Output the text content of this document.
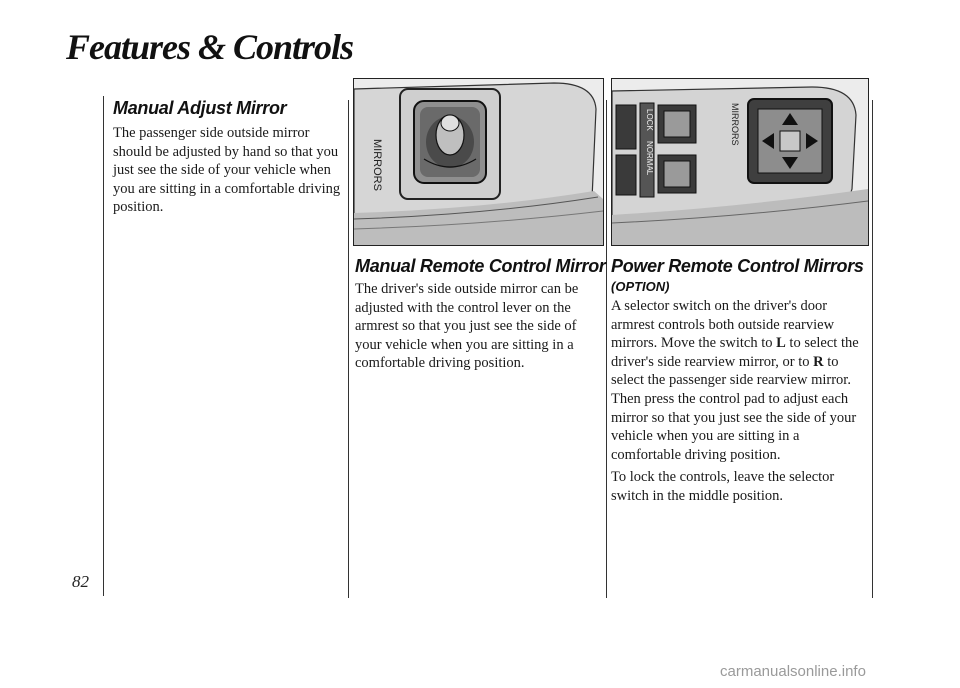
Features & Controls
Manual Adjust Mirror

The passenger side outside mirror should be adjusted by hand so that you just see the side of your vehicle when you are sitting in a comfortable driving position.

82
MIRRORS
Manual Remote Control Mirror

The driver's side outside mirror can be adjusted with the control lever on the armrest so that you just see the side of your vehicle when you are sitting in a comfortable driving position.

LOCK
NORMAL
MIRRORS
Power Remote Control Mirrors
(OPTION)

A selector switch on the driver's door armrest controls both outside rearview mirrors. Move the switch to L to select the driver's side rearview mirror, or to R to select the passenger side rearview mirror. Then press the control pad to adjust each mirror so that you just see the side of your vehicle when you are sitting in a comfortable driving position.

To lock the controls, leave the selector switch in the middle position.

carmanualsonline.info
